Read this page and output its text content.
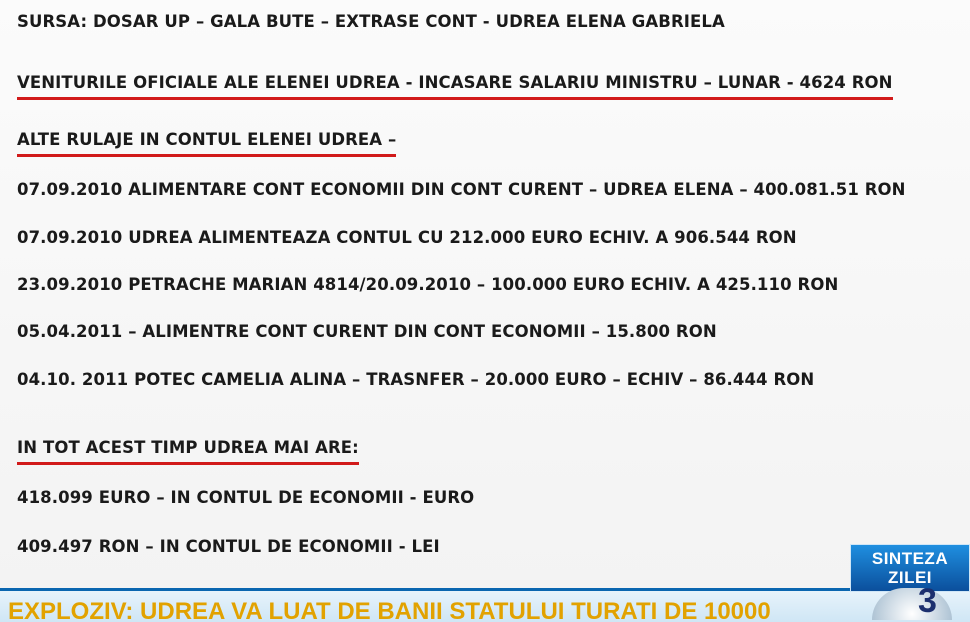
SURSA: DOSAR UP – GALA BUTE – EXTRASE CONT - UDREA ELENA GABRIELA
VENITURILE OFICIALE ALE ELENEI UDREA - INCASARE SALARIU MINISTRU – LUNAR - 4624 RON
ALTE RULAJE IN CONTUL ELENEI UDREA –
07.09.2010 ALIMENTARE CONT ECONOMII DIN CONT CURENT – UDREA ELENA – 400.081.51 RON
07.09.2010 UDREA ALIMENTEAZA CONTUL CU 212.000 EURO ECHIV. A 906.544 RON
23.09.2010 PETRACHE MARIAN 4814/20.09.2010 – 100.000 EURO ECHIV. A 425.110 RON
05.04.2011 – ALIMENTRE CONT CURENT DIN CONT ECONOMII – 15.800 RON
04.10. 2011 POTEC CAMELIA ALINA – TRASNFER – 20.000 EURO – ECHIV – 86.444 RON
IN TOT ACEST TIMP UDREA MAI ARE:
418.099 EURO – IN CONTUL DE ECONOMII - EURO
409.497 RON – IN CONTUL DE ECONOMII - LEI
EXPLOZIV: UDREA VA LUAT DE BANII STATULUI TURATI DE 10000
SINTEZA
ZILEI
3
